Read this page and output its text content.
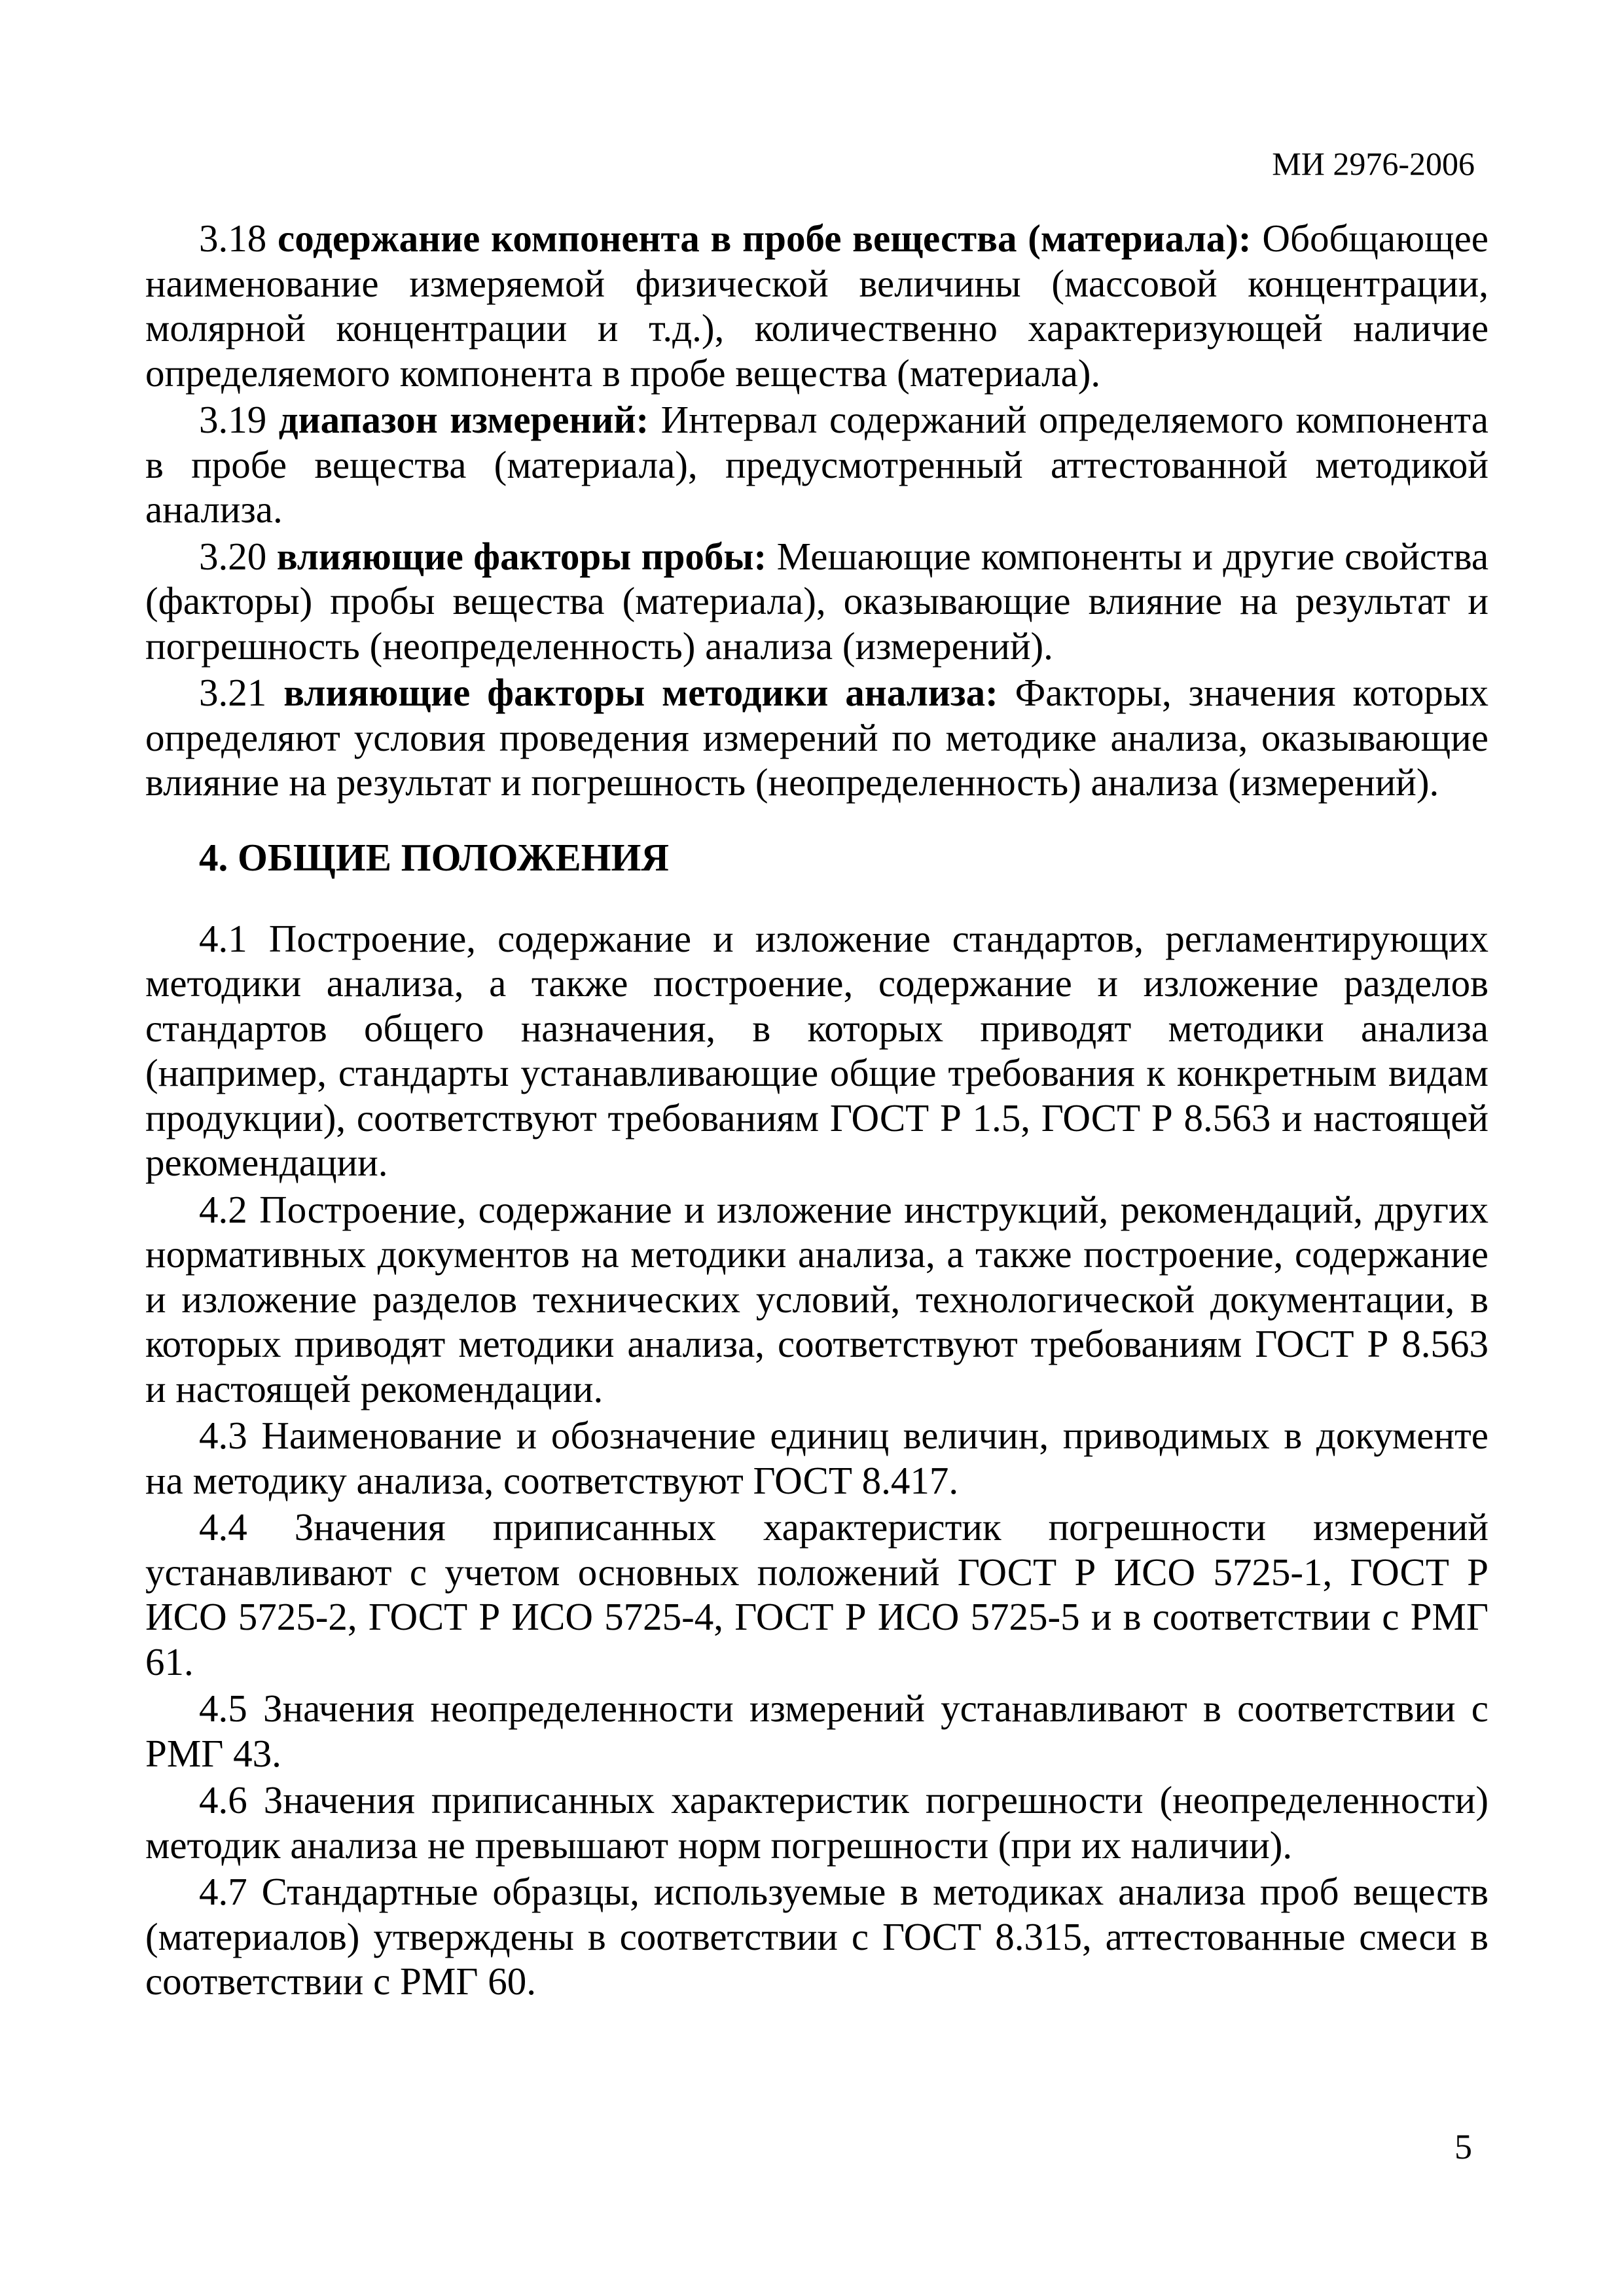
МИ 2976-2006

3.18 содержание компонента в пробе вещества (материала): Обобщающее наименование измеряемой физической величины (массовой концентрации, молярной концентрации и т.д.), количественно характеризующей наличие определяемого компонента в пробе вещества (материала).

3.19 диапазон измерений: Интервал содержаний определяемого компонента в пробе вещества (материала), предусмотренный аттестованной методикой анализа.

3.20 влияющие факторы пробы: Мешающие компоненты и другие свойства (факторы) пробы вещества (материала), оказывающие влияние на результат и погрешность (неопределенность) анализа (измерений).

3.21 влияющие факторы методики анализа: Факторы, значения которых определяют условия проведения измерений по методике анализа, оказывающие влияние на результат и погрешность (неопределенность) анализа (измерений).

4. ОБЩИЕ ПОЛОЖЕНИЯ

4.1 Построение, содержание и изложение стандартов, регламентирующих методики анализа, а также построение, содержание и изложение разделов стандартов общего назначения, в которых приводят методики анализа (например, стандарты устанавливающие общие требования к конкретным видам продукции), соответствуют требованиям ГОСТ Р 1.5, ГОСТ Р 8.563 и настоящей рекомендации.

4.2 Построение, содержание и изложение инструкций, рекомендаций, других нормативных документов на методики анализа, а также построение, содержание и изложение разделов технических условий, технологической документации, в которых приводят методики анализа, соответствуют требованиям ГОСТ Р 8.563 и настоящей рекомендации.

4.3 Наименование и обозначение единиц величин, приводимых в документе на методику анализа, соответствуют ГОСТ 8.417.

4.4 Значения приписанных характеристик погрешности измерений устанавливают с учетом основных положений ГОСТ Р ИСО 5725-1, ГОСТ Р ИСО 5725-2, ГОСТ Р ИСО 5725-4, ГОСТ Р ИСО 5725-5 и в соответствии с РМГ 61.

4.5 Значения неопределенности измерений устанавливают в соответствии с РМГ 43.

4.6 Значения приписанных характеристик погрешности (неопределенности) методик анализа не превышают норм погрешности (при их наличии).

4.7 Стандартные образцы, используемые в методиках анализа проб веществ (материалов) утверждены в соответствии с ГОСТ 8.315, аттестованные смеси в соответствии с РМГ 60.

5
